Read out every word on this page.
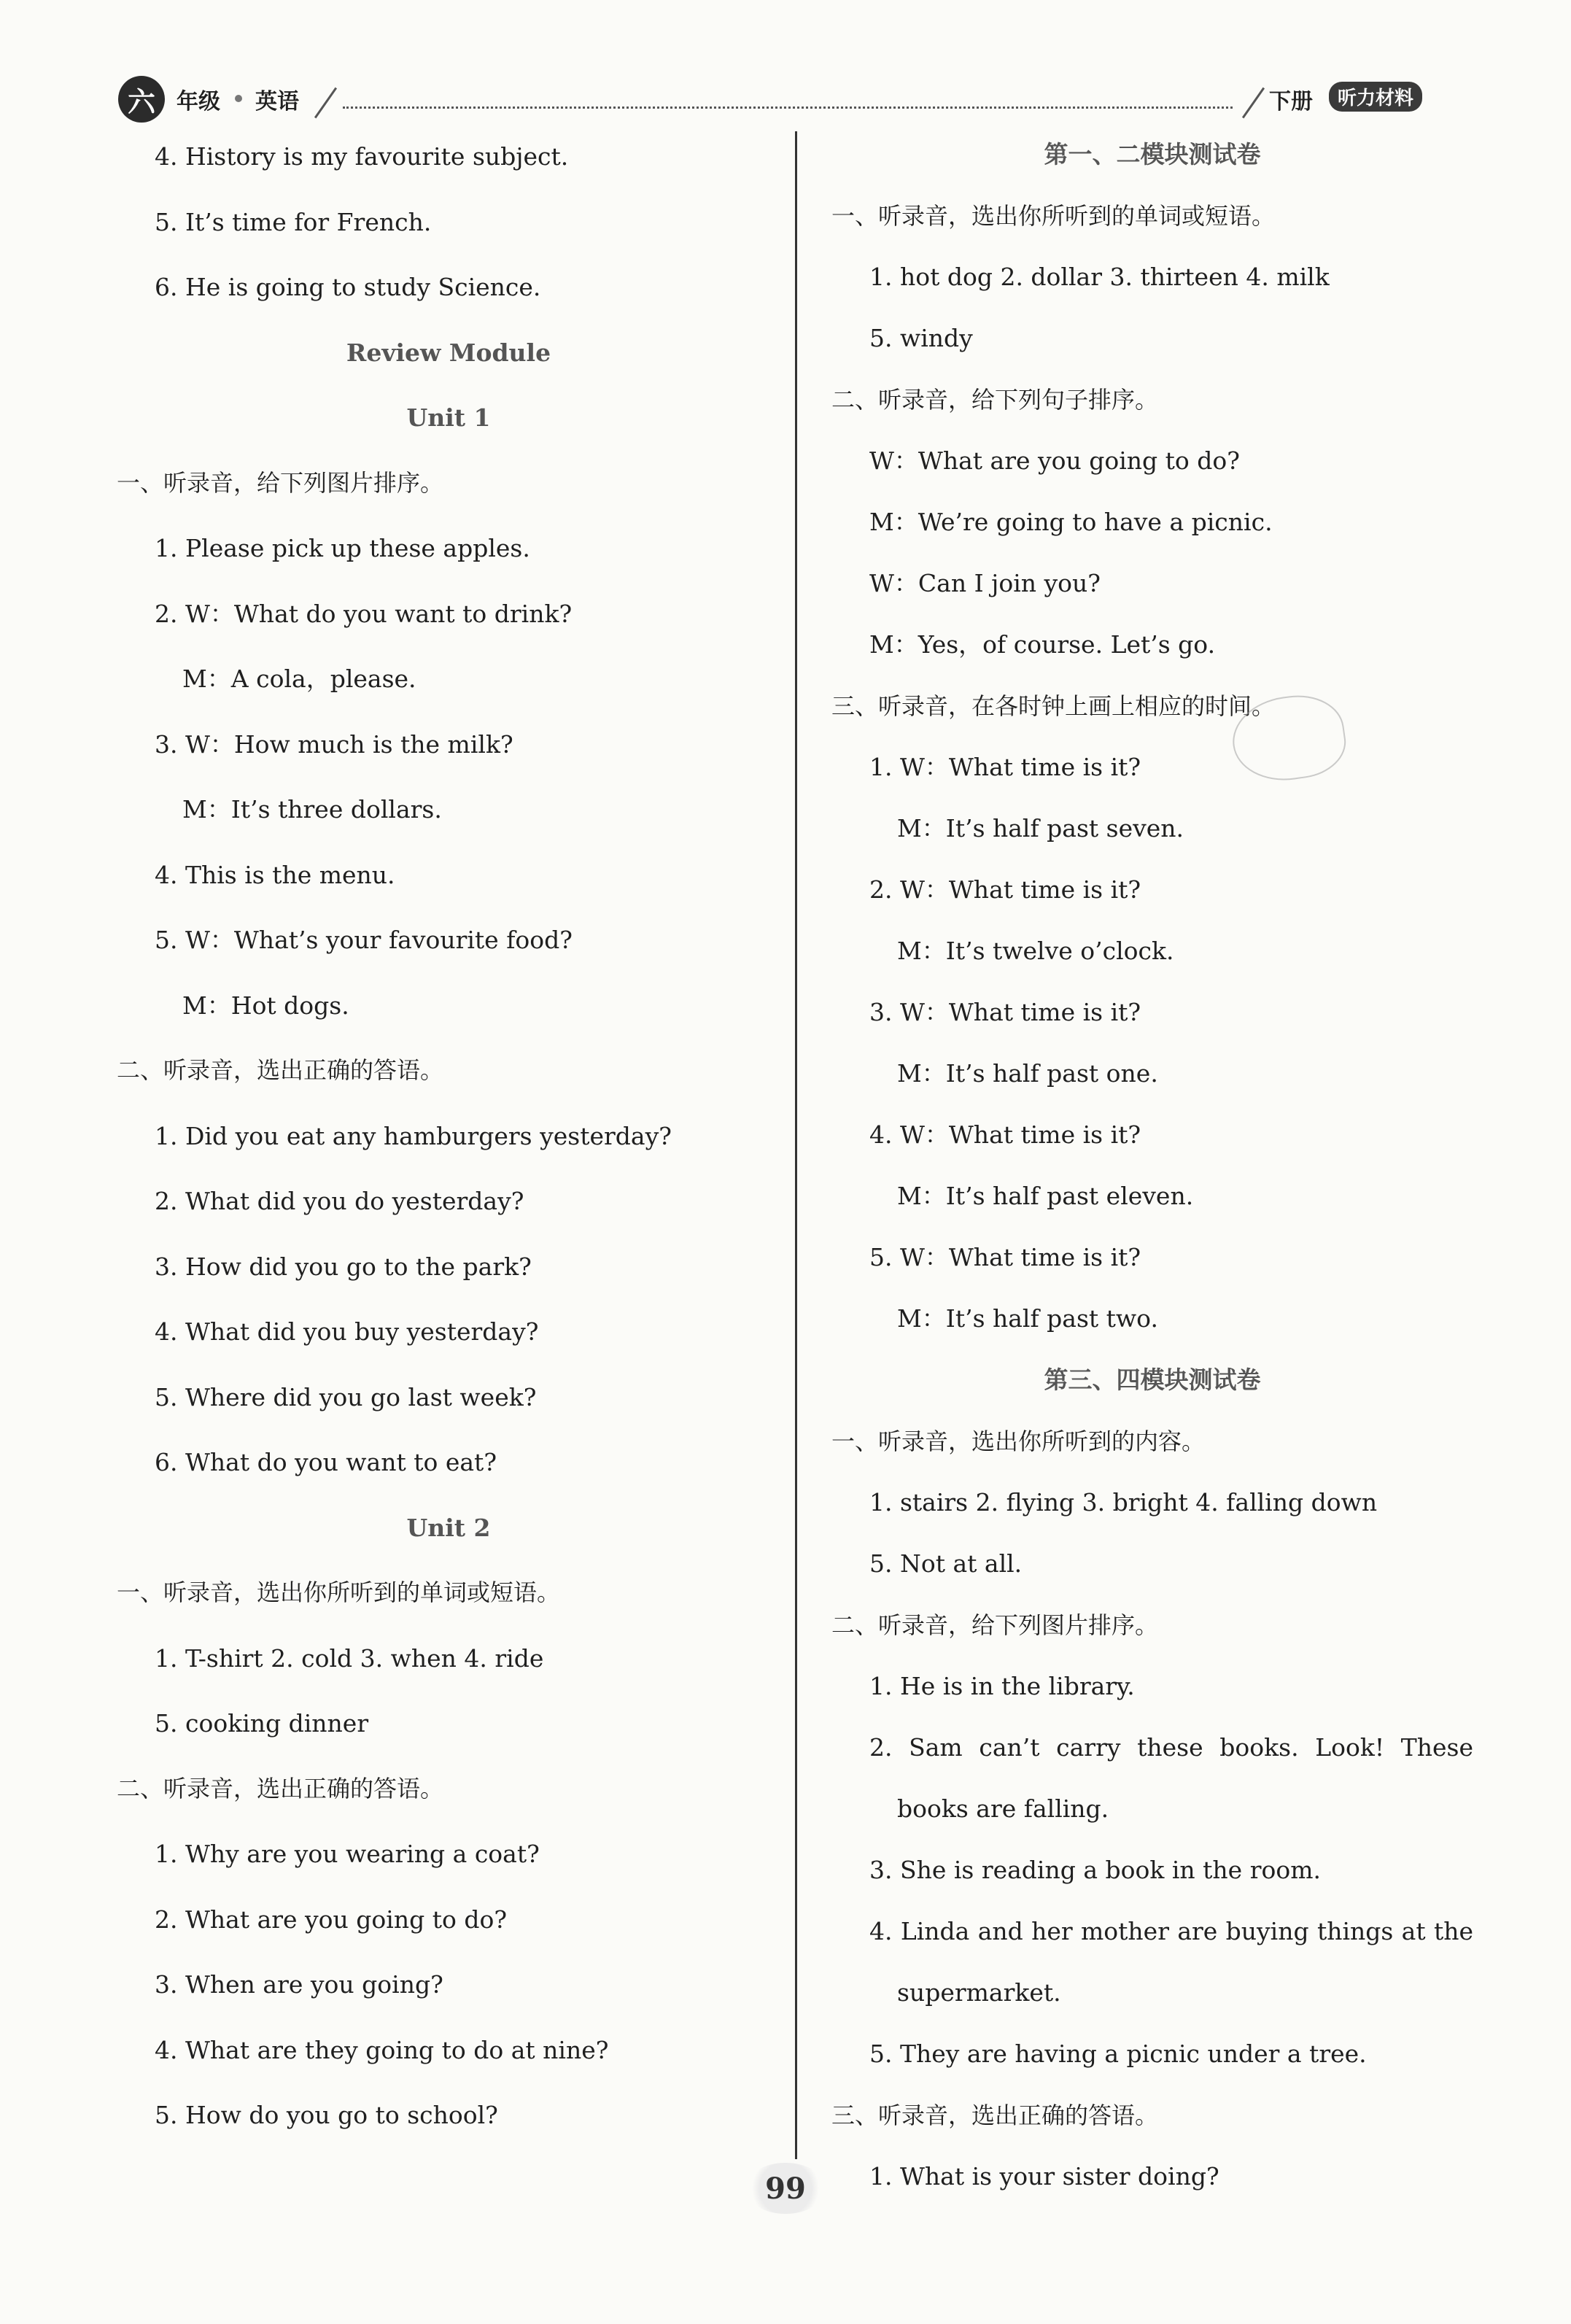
六 年级 英语	下册	听力材料
4. History is my favourite subject.
5. It’s time for French.
6. He is going to study Science.
Review Module
Unit 1
一、听录音，给下列图片排序。
1. Please pick up these apples.
2. W：What do you want to drink?
M：A cola，please.
3. W：How much is the milk?
M：It’s three dollars.
4. This is the menu.
5. W：What’s your favourite food?
M：Hot dogs.
二、听录音，选出正确的答语。
1. Did you eat any hamburgers yesterday?
2. What did you do yesterday?
3. How did you go to the park?
4. What did you buy yesterday?
5. Where did you go last week?
6. What do you want to eat?
Unit 2
一、听录音，选出你所听到的单词或短语。
1. T-shirt 2. cold 3. when 4. ride
5. cooking dinner
二、听录音，选出正确的答语。
1. Why are you wearing a coat?
2. What are you going to do?
3. When are you going?
4. What are they going to do at nine?
5. How do you go to school?
第一、二模块测试卷
一、听录音，选出你所听到的单词或短语。
1. hot dog 2. dollar 3. thirteen 4. milk
5. windy
二、听录音，给下列句子排序。
W：What are you going to do?
M：We’re going to have a picnic.
W：Can I join you?
M：Yes，of course. Let’s go.
三、听录音，在各时钟上画上相应的时间。
1. W：What time is it?
M：It’s half past seven.
2. W：What time is it?
M：It’s twelve o’clock.
3. W：What time is it?
M：It’s half past one.
4. W：What time is it?
M：It’s half past eleven.
5. W：What time is it?
M：It’s half past two.
第三、四模块测试卷
一、听录音，选出你所听到的内容。
1. stairs 2. flying 3. bright 4. falling down
5. Not at all.
二、听录音，给下列图片排序。
1. He is in the library.
2. Sam can’t carry these books. Look! These
books are falling.
3. She is reading a book in the room.
4. Linda and her mother are buying things at the
supermarket.
5. They are having a picnic under a tree.
三、听录音，选出正确的答语。
1. What is your sister doing?
99
